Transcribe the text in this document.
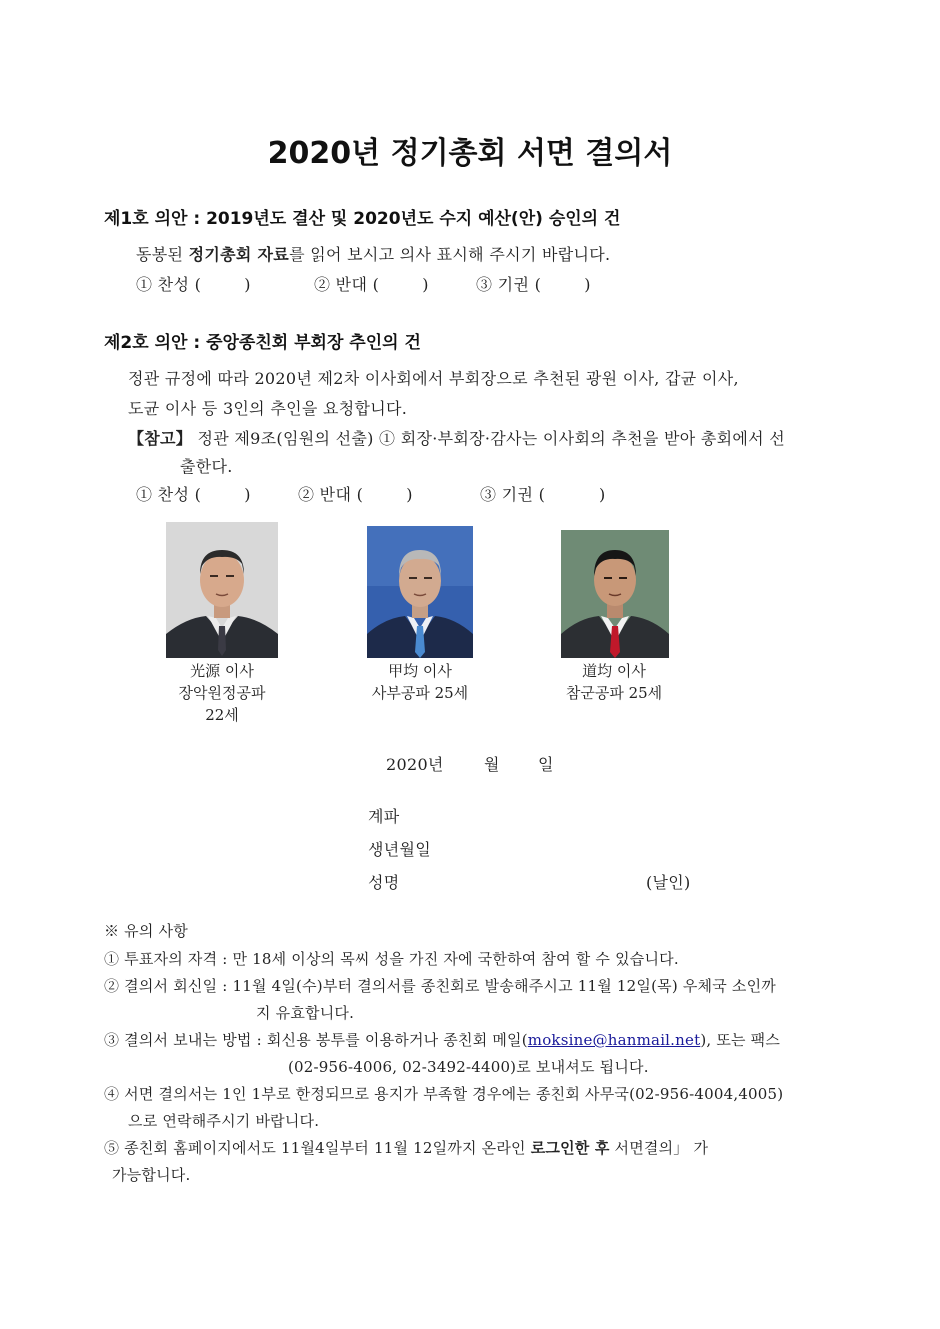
2020년 정기총회 서면 결의서
제1호 의안 : 2019년도 결산 및 2020년도 수지 예산(안) 승인의 건
동봉된 정기총회 자료를 읽어 보시고 의사 표시해 주시기 바랍니다.
① 찬성 (        )	② 반대 (        )	③ 기권 (        )
제2호 의안 : 중앙종친회 부회장 추인의 건
정관 규정에 따라 2020년 제2차 이사회에서 부회장으로 추천된 광원 이사, 갑균 이사,
도균 이사 등 3인의 추인을 요청합니다.
【참고】 정관 제9조(임원의 선출) ① 회장·부회장·감사는 이사회의 추천을 받아 총회에서 선
출한다.
① 찬성 (        )	② 반대 (        )	③ 기권 (          )
光源 이사
장악원정공파
22세
甲均 이사
사부공파 25세
道均 이사
참군공파 25세
2020년	월 일
계파
생년월일
성명	(날인)
※ 유의 사항
① 투표자의 자격 : 만 18세 이상의 목씨 성을 가진 자에 국한하여 참여 할 수 있습니다.
② 결의서 회신일 : 11월 4일(수)부터 결의서를 종친회로 발송해주시고 11월 12일(목) 우체국 소인까
지 유효합니다.
③ 결의서 보내는 방법 : 회신용 봉투를 이용하거나 종친회 메일(moksine@hanmail.net), 또는 팩스
(02-956-4006, 02-3492-4400)로 보내셔도 됩니다.
④ 서면 결의서는 1인 1부로 한정되므로 용지가 부족할 경우에는 종친회 사무국(02-956-4004,4005)
으로 연락해주시기 바랍니다.
⑤ 종친회 홈페이지에서도 11월4일부터 11월 12일까지 온라인 로그인한 후 서면결의」 가
가능합니다.
